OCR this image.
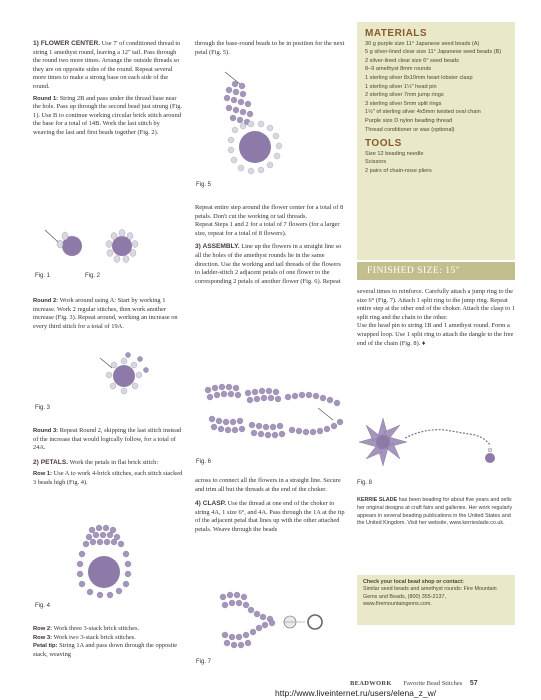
1) FLOWER CENTER. Use 7' of conditioned thread to string 1 amethyst round, leaving a 12" tail. Pass through the round two more times. Arrange the outside threads so they are on opposite sides of the round. Repeat several more times to make a strong base on each side of the round.

Round 1: String 2B and pass under the thread base near the hole. Pass up through the second bead just strung (Fig. 1). Use B to continue working circular brick stitch around the base for a total of 14B. Work the last stitch by weaving the last and first beads together (Fig. 2).

Fig. 1	Fig. 2

Round 2: Work around using A: Start by working 1 increase. Work 2 regular stitches, then work another increase (Fig. 3). Repeat around, working an increase on every third stitch for a total of 19A.

Fig. 3

Round 3: Repeat Round 2, skipping the last stitch instead of the increase that would logically follow, for a total of 24A.

2) PETALS. Work the petals in flat brick stitch:

Row 1: Use A to work 4-brick stitches, each stitch stacked 3 beads high (Fig. 4).

Fig. 4

Row 2: Work three 3-stack brick stitches.

Row 3: Work two 3-stack brick stitches.

Petal tip: String 1A and pass down through the opposite stack, weaving

through the base-round beads to be in position for the next petal (Fig. 5).

Fig. 5

Repeat entire step around the flower center for a total of 8 petals. Don't cut the working or tail threads.

Repeat Steps 1 and 2 for a total of 7 flowers (for a larger size, repeat for a total of 8 flowers).

3) ASSEMBLY. Line up the flowers in a straight line so all the holes of the amethyst rounds lie in the same direction. Use the working and tail threads of the flowers to ladder-stitch 2 adjacent petals of one flower to the corresponding 2 petals of another flower (Fig. 6). Repeat

Fig. 6

across to connect all the flowers in a straight line. Secure and trim all but the threads at the end of the choker.

4) CLASP. Use the thread at one end of the choker to string 4A, 1 size 6°, and 4A. Pass through the 1A at the tip of the adjacent petal that lines up with the other attached petals. Weave through the beads

Fig. 7
MATERIALS
30 g purple size 11° Japanese seed beads (A)
5 g silver-lined clear size 11° Japanese seed beads (B)
2 silver-lined clear size 6° seed beads
8–9 amethyst 8mm rounds
1 sterling silver 8x10mm heart lobster clasp
1 sterling silver 1½" head pin
2 sterling silver 7mm jump rings
3 sterling silver 5mm split rings
1½" of sterling silver 4x5mm twisted oval chain
Purple size D nylon beading thread
Thread conditioner or wax (optional)
TOOLS
Size 12 beading needle
Scissors
2 pairs of chain-nose pliers
FINISHED SIZE: 15"

several times to reinforce. Carefully attach a jump ring to the size 6° (Fig. 7). Attach 1 split ring to the jump ring. Repeat entire step at the other end of the choker. Attach the clasp to 1 split ring and the chain to the other.

Use the head pin to string 1B and 1 amethyst round. Form a wrapped loop. Use 1 split ring to attach the dangle to the free end of the chain (Fig. 8). ♦

Fig. 8
KERRIE SLADE has been beading for about five years and sells her original designs at craft fairs and galleries. Her work regularly appears in several beading publications in the United States and the United Kingdom. Visit her website, www.kerrieslade.co.uk.
Check your local bead shop or contact:
Similar seed beads and amethyst rounds: Fire Mountain Gems and Beads, (800) 355-2137, www.firemountaingems.com.
BEADWORK Favorite Bead Stitches 57
http://www.liveinternet.ru/users/elena_z_w/
